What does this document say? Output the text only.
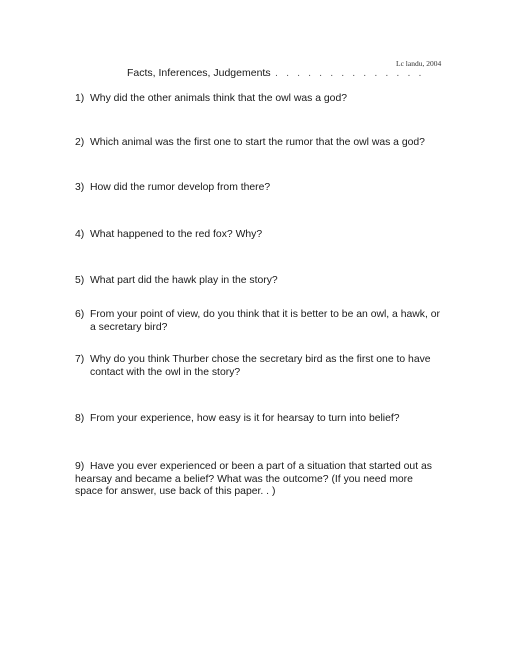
Lc landu, 2004
Facts, Inferences, Judgements
. . . . . . . . . . . . . . .
1) Why did the other animals think that the owl was a god?
2) Which animal was the first one to start the rumor that the owl was a god?
3) How did the rumor develop from there?
4) What happened to the red fox? Why?
5) What part did the hawk play in the story?
6) From your point of view, do you think that it is better to be an owl, a hawk, or
a secretary bird?
7) Why do you think Thurber chose the secretary bird as the first one to have
contact with the owl in the story?
8) From your experience, how easy is it for hearsay to turn into belief?
9) Have you ever experienced or been a part of a situation that started out as
hearsay and became a belief? What was the outcome? (If you need more
space for answer, use back of this paper. . )
